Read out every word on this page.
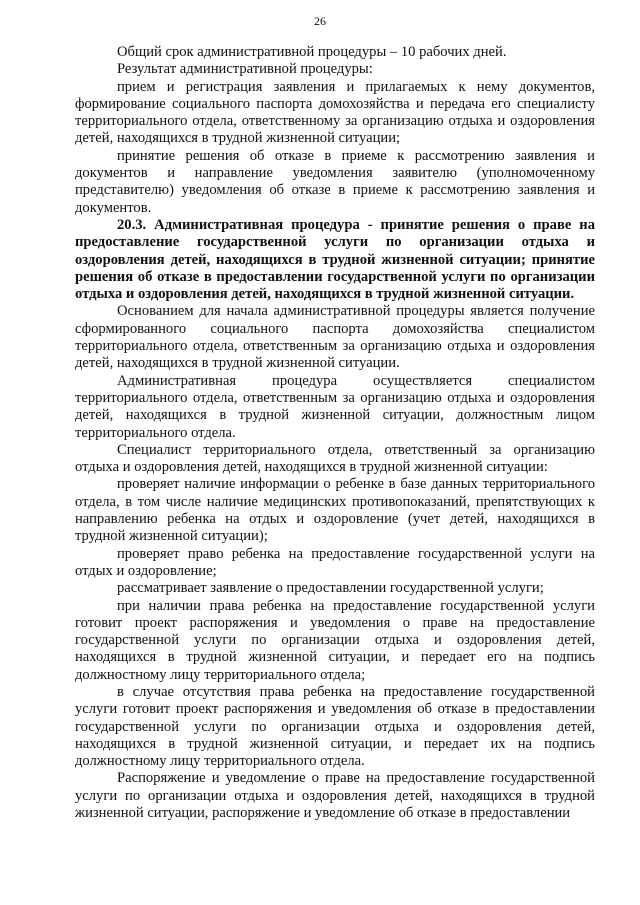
26

Общий срок административной процедуры – 10 рабочих дней.

Результат административной процедуры:

прием и регистрация заявления и прилагаемых к нему документов, формирование социального паспорта домохозяйства и передача его специалисту территориального отдела, ответственному за организацию отдыха и оздоровления детей, находящихся в трудной жизненной ситуации;

принятие решения об отказе в приеме к рассмотрению заявления и документов и направление уведомления заявителю (уполномоченному представителю) уведомления об отказе в приеме к рассмотрению заявления и документов.

20.3. Административная процедура - принятие решения о праве на предоставление государственной услуги по организации отдыха и оздоровления детей, находящихся в трудной жизненной ситуации; принятие решения об отказе в предоставлении государственной услуги по организации отдыха и оздоровления детей, находящихся в трудной жизненной ситуации.

Основанием для начала административной процедуры является получение сформированного социального паспорта домохозяйства специалистом территориального отдела, ответственным за организацию отдыха и оздоровления детей, находящихся в трудной жизненной ситуации.

Административная процедура осуществляется специалистом территориального отдела, ответственным за организацию отдыха и оздоровления детей, находящихся в трудной жизненной ситуации, должностным лицом территориального отдела.

Специалист территориального отдела, ответственный за организацию отдыха и оздоровления детей, находящихся в трудной жизненной ситуации:

проверяет наличие информации о ребенке в базе данных территориального отдела, в том числе наличие медицинских противопоказаний, препятствующих к направлению ребенка на отдых и оздоровление (учет детей, находящихся в трудной жизненной ситуации);

проверяет право ребенка на предоставление государственной услуги на отдых и оздоровление;

рассматривает заявление о предоставлении государственной услуги;

при наличии права ребенка на предоставление государственной услуги готовит проект распоряжения и уведомления о праве на предоставление государственной услуги по организации отдыха и оздоровления детей, находящихся в трудной жизненной ситуации, и передает его на подпись должностному лицу территориального отдела;

в случае отсутствия права ребенка на предоставление государственной услуги готовит проект распоряжения и уведомления об отказе в предоставлении государственной услуги по организации отдыха и оздоровления детей, находящихся в трудной жизненной ситуации, и передает их на подпись должностному лицу территориального отдела.

Распоряжение и уведомление о праве на предоставление государственной услуги по организации отдыха и оздоровления детей, находящихся в трудной жизненной ситуации, распоряжение и уведомление об отказе в предоставлении
